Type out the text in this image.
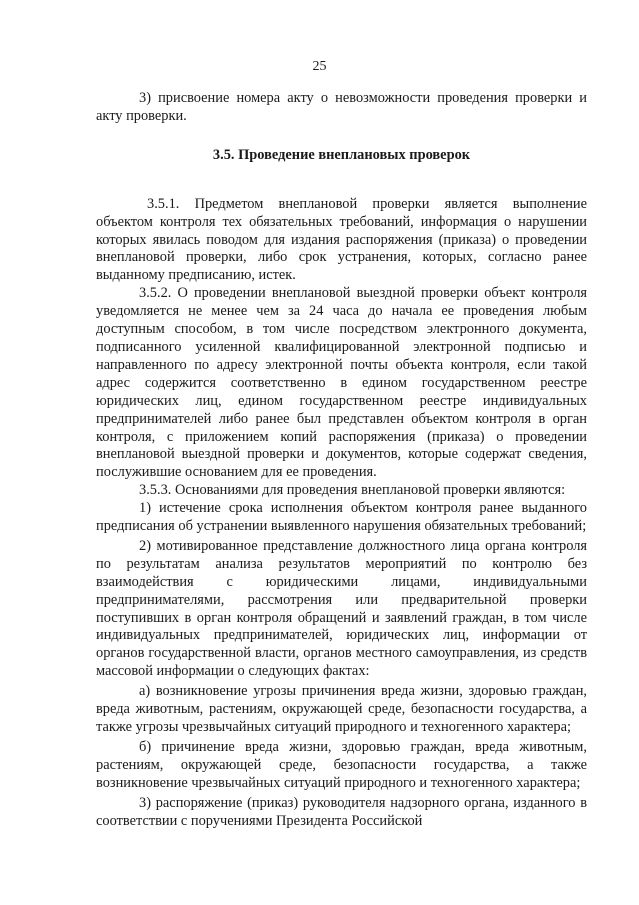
25

3) присвоение номера акту о невозможности проведения проверки и акту проверки.

3.5. Проведение внеплановых проверок

3.5.1. Предметом внеплановой проверки является выполнение объектом контроля тех обязательных требований, информация о нарушении которых явилась поводом для издания распоряжения (приказа) о проведении внеплановой проверки, либо срок устранения, которых, согласно ранее выданному предписанию, истек.

3.5.2. О проведении внеплановой выездной проверки объект контроля уведомляется не менее чем за 24 часа до начала ее проведения любым доступным способом, в том числе посредством электронного документа, подписанного усиленной квалифицированной электронной подписью и направленного по адресу электронной почты объекта контроля, если такой адрес содержится соответственно в едином государственном реестре юридических лиц, едином государственном реестре индивидуальных предпринимателей либо ранее был представлен объектом контроля в орган контроля, с приложением копий распоряжения (приказа) о проведении внеплановой выездной проверки и документов, которые содержат сведения, послужившие основанием для ее проведения.

3.5.3. Основаниями для проведения внеплановой проверки являются:

1) истечение срока исполнения объектом контроля ранее выданного предписания об устранении выявленного нарушения обязательных требований;

2) мотивированное представление должностного лица органа контроля по результатам анализа результатов мероприятий по контролю без взаимодействия с юридическими лицами, индивидуальными предпринимателями, рассмотрения или предварительной проверки поступивших в орган контроля обращений и заявлений граждан, в том числе индивидуальных предпринимателей, юридических лиц, информации от органов государственной власти, органов местного самоуправления, из средств массовой информации о следующих фактах:

а) возникновение угрозы причинения вреда жизни, здоровью граждан, вреда животным, растениям, окружающей среде, безопасности государства, а также угрозы чрезвычайных ситуаций природного и техногенного характера;

б) причинение вреда жизни, здоровью граждан, вреда животным, растениям, окружающей среде, безопасности государства, а также возникновение чрезвычайных ситуаций природного и техногенного характера;

3) распоряжение (приказ) руководителя надзорного органа, изданного в соответствии с поручениями Президента Российской
